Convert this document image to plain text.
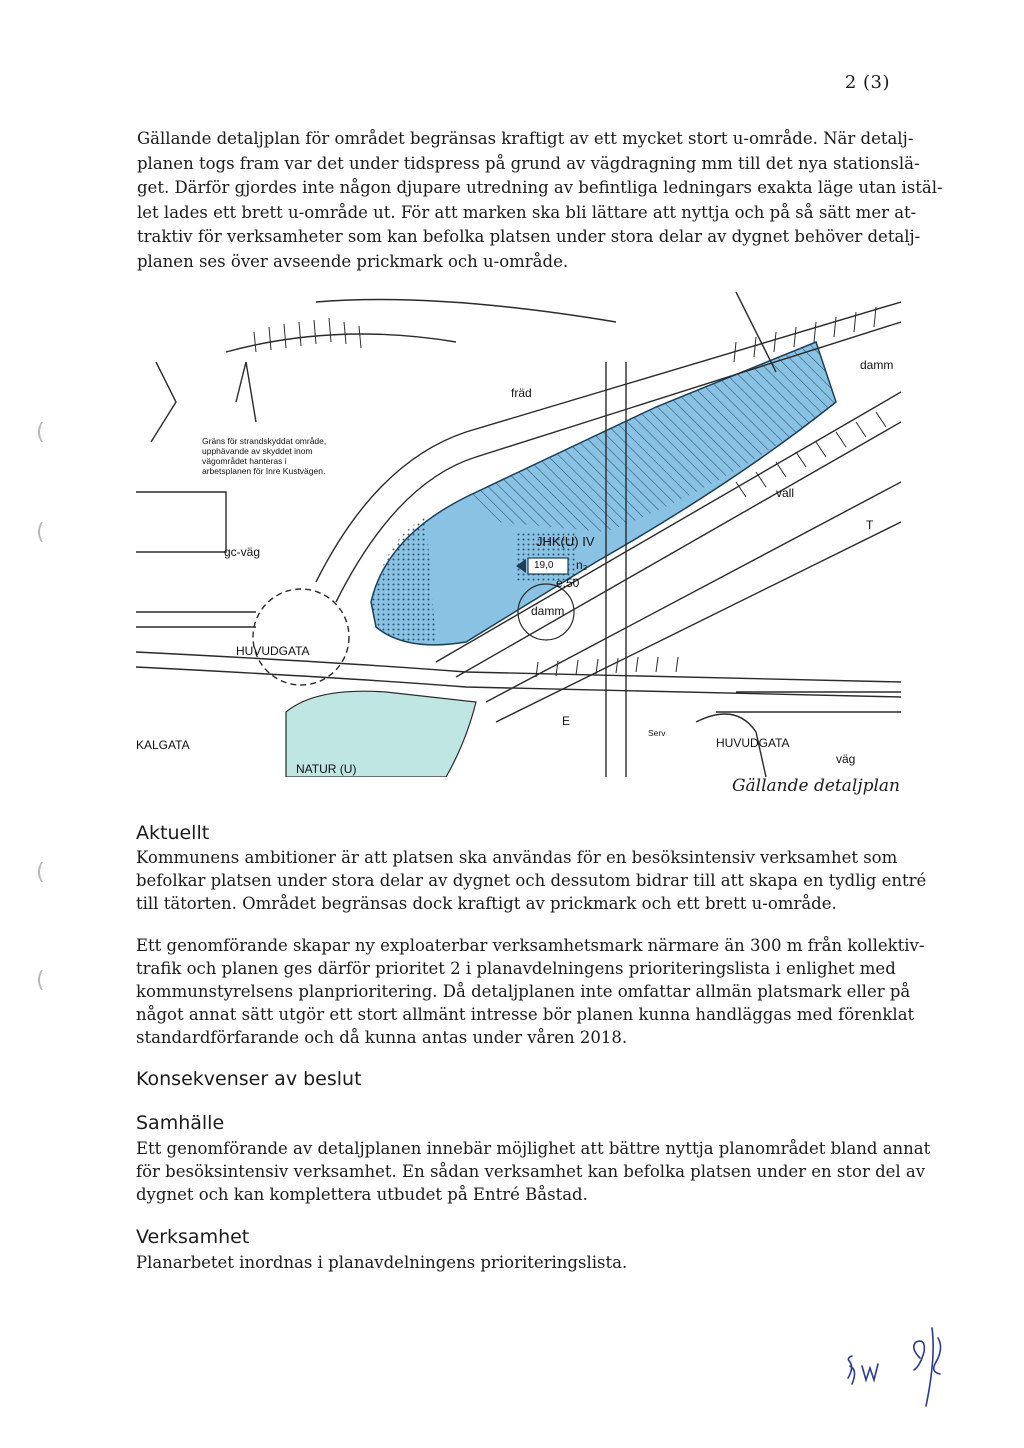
2 (3)

Gällande detaljplan för området begränsas kraftigt av ett mycket stort u-område. När detalj-
planen togs fram var det under tidspress på grund av vägdragning mm till det nya stationslä-
get. Därför gjordes inte någon djupare utredning av befintliga ledningars exakta läge utan istäl-
let lades ett brett u-område ut. För att marken ska bli lättare att nyttja och på så sätt mer at-
traktiv för verksamheter som kan befolka platsen under stora delar av dygnet behöver detalj-
planen ses över avseende prickmark och u-område.

(
(
(
(
fräd
damm
vall
T
gc-väg
JHK(U) IV
19,0 n₂
e,50
damm
HUVUDGATA
HUVUDGATA
KALGATA
NATUR (U)
E
Serv
väg
Gräns för strandskyddat område,
upphävande av skyddet inom
vägområdet hanteras i
arbetsplanen för Inre Kustvägen.
Gällande detaljplan
Aktuellt

Kommunens ambitioner är att platsen ska användas för en besöksintensiv verksamhet som
befolkar platsen under stora delar av dygnet och dessutom bidrar till att skapa en tydlig entré
till tätorten. Området begränsas dock kraftigt av prickmark och ett brett u-område.

Ett genomförande skapar ny exploaterbar verksamhetsmark närmare än 300 m från kollektiv-
trafik och planen ges därför prioritet 2 i planavdelningens prioriteringslista i enlighet med
kommunstyrelsens planprioritering. Då detaljplanen inte omfattar allmän platsmark eller på
något annat sätt utgör ett stort allmänt intresse bör planen kunna handläggas med förenklat
standardförfarande och då kunna antas under våren 2018.

Konsekvenser av beslut
Samhälle

Ett genomförande av detaljplanen innebär möjlighet att bättre nyttja planområdet bland annat
för besöksintensiv verksamhet. En sådan verksamhet kan befolka platsen under en stor del av
dygnet och kan komplettera utbudet på Entré Båstad.

Verksamhet

Planarbetet inordnas i planavdelningens prioriteringslista.
